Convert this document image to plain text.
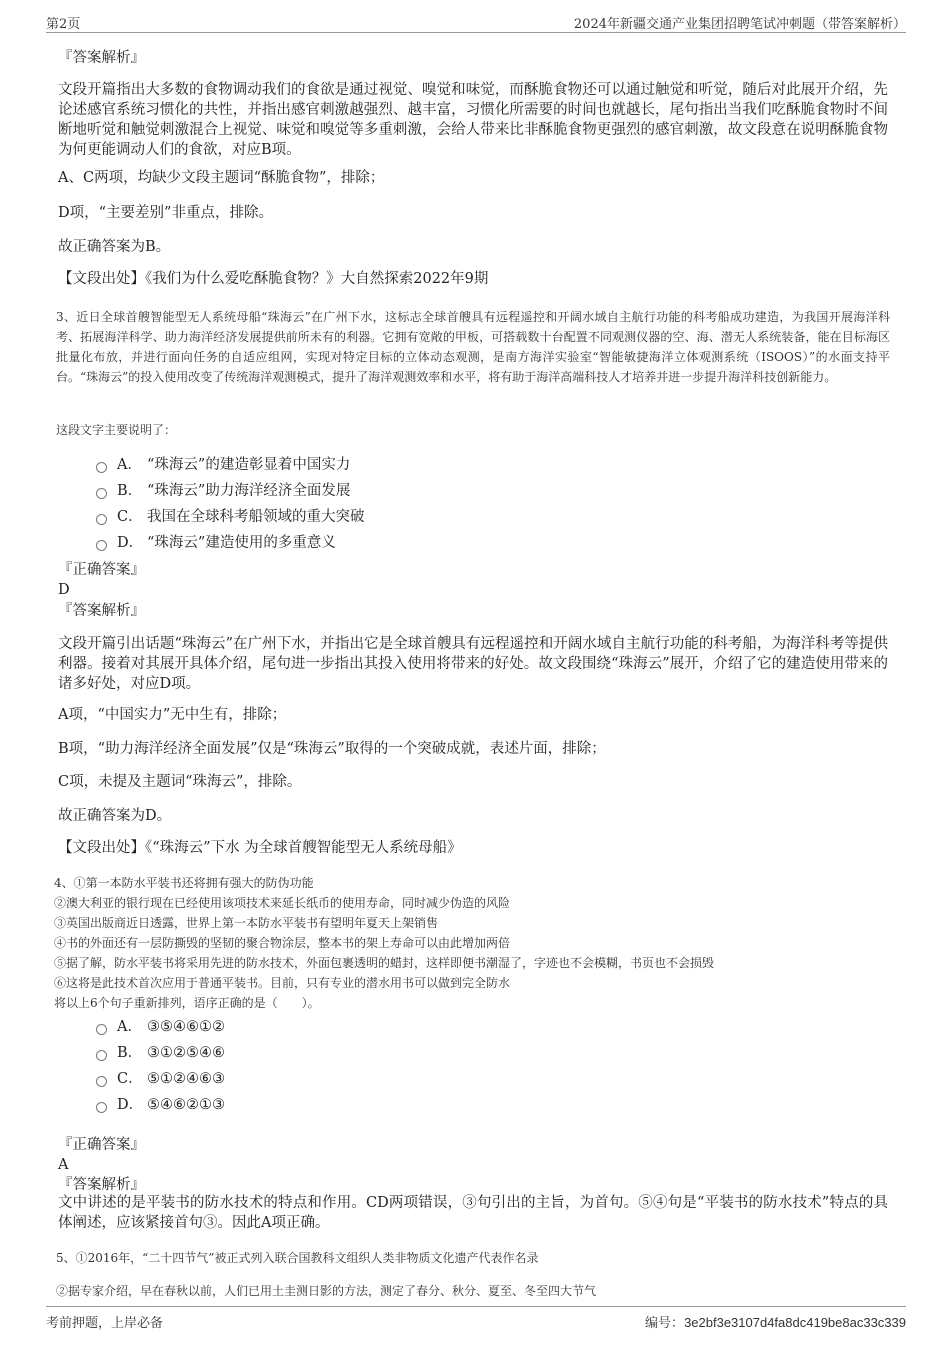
第2页	2024年新疆交通产业集团招聘笔试冲刺题（带答案解析）
『答案解析』
文段开篇指出大多数的食物调动我们的食欲是通过视觉、嗅觉和味觉，而酥脆食物还可以通过触觉和听觉，随后对此展开介绍，先论述感官系统习惯化的共性，并指出感官刺激越强烈、越丰富，习惯化所需要的时间也就越长，尾句指出当我们吃酥脆食物时不间断地听觉和触觉刺激混合上视觉、味觉和嗅觉等多重刺激，会给人带来比非酥脆食物更强烈的感官刺激，故文段意在说明酥脆食物为何更能调动人们的食欲，对应B项。
A、C两项，均缺少文段主题词“酥脆食物”，排除；
D项，“主要差别”非重点，排除。
故正确答案为B。
【文段出处】《我们为什么爱吃酥脆食物？》大自然探索2022年9期
3、近日全球首艘智能型无人系统母船“珠海云”在广州下水，这标志全球首艘具有远程遥控和开阔水域自主航行功能的科考船成功建造，为我国开展海洋科考、拓展海洋科学、助力海洋经济发展提供前所未有的利器。它拥有宽敞的甲板，可搭载数十台配置不同观测仪器的空、海、潜无人系统装备，能在目标海区批量化布放，并进行面向任务的自适应组网，实现对特定目标的立体动态观测，是南方海洋实验室“智能敏捷海洋立体观测系统（ISOOS）”的水面支持平台。“珠海云”的投入使用改变了传统海洋观测模式，提升了海洋观测效率和水平，将有助于海洋高端科技人才培养并进一步提升海洋科技创新能力。
这段文字主要说明了：
A． “珠海云”的建造彰显着中国实力
B． “珠海云”助力海洋经济全面发展
C． 我国在全球科考船领域的重大突破
D． “珠海云”建造使用的多重意义
『正确答案』
D
『答案解析』
文段开篇引出话题“珠海云”在广州下水，并指出它是全球首艘具有远程遥控和开阔水域自主航行功能的科考船，为海洋科考等提供利器。接着对其展开具体介绍，尾句进一步指出其投入使用将带来的好处。故文段围绕“珠海云”展开，介绍了它的建造使用带来的诸多好处，对应D项。
A项，“中国实力”无中生有，排除；
B项，“助力海洋经济全面发展”仅是“珠海云”取得的一个突破成就，表述片面，排除；
C项，未提及主题词“珠海云”，排除。
故正确答案为D。
【文段出处】《“珠海云”下水 为全球首艘智能型无人系统母船》
4、①第一本防水平装书还将拥有强大的防伪功能
②澳大利亚的银行现在已经使用该项技术来延长纸币的使用寿命，同时减少伪造的风险
③英国出版商近日透露，世界上第一本防水平装书有望明年夏天上架销售
④书的外面还有一层防撕毁的坚韧的聚合物涂层，整本书的架上寿命可以由此增加两倍
⑤据了解，防水平装书将采用先进的防水技术，外面包裹透明的蜡封，这样即便书潮湿了，字迹也不会模糊，书页也不会损毁
⑥这将是此技术首次应用于普通平装书。目前，只有专业的潜水用书可以做到完全防水
将以上6个句子重新排列，语序正确的是（　　）。
A． ③⑤④⑥①②
B． ③①②⑤④⑥
C． ⑤①②④⑥③
D． ⑤④⑥②①③
『正确答案』
A
『答案解析』
文中讲述的是平装书的防水技术的特点和作用。CD两项错误，③句引出的主旨，为首句。⑤④句是“平装书的防水技术”特点的具体阐述，应该紧接首句③。因此A项正确。
5、①2016年，“二十四节气”被正式列入联合国教科文组织人类非物质文化遗产代表作名录
②据专家介绍，早在春秋以前，人们已用土圭测日影的方法，测定了春分、秋分、夏至、冬至四大节气
考前押题，上岸必备	编号：3e2bf3e3107d4fa8dc419be8ac33c339
